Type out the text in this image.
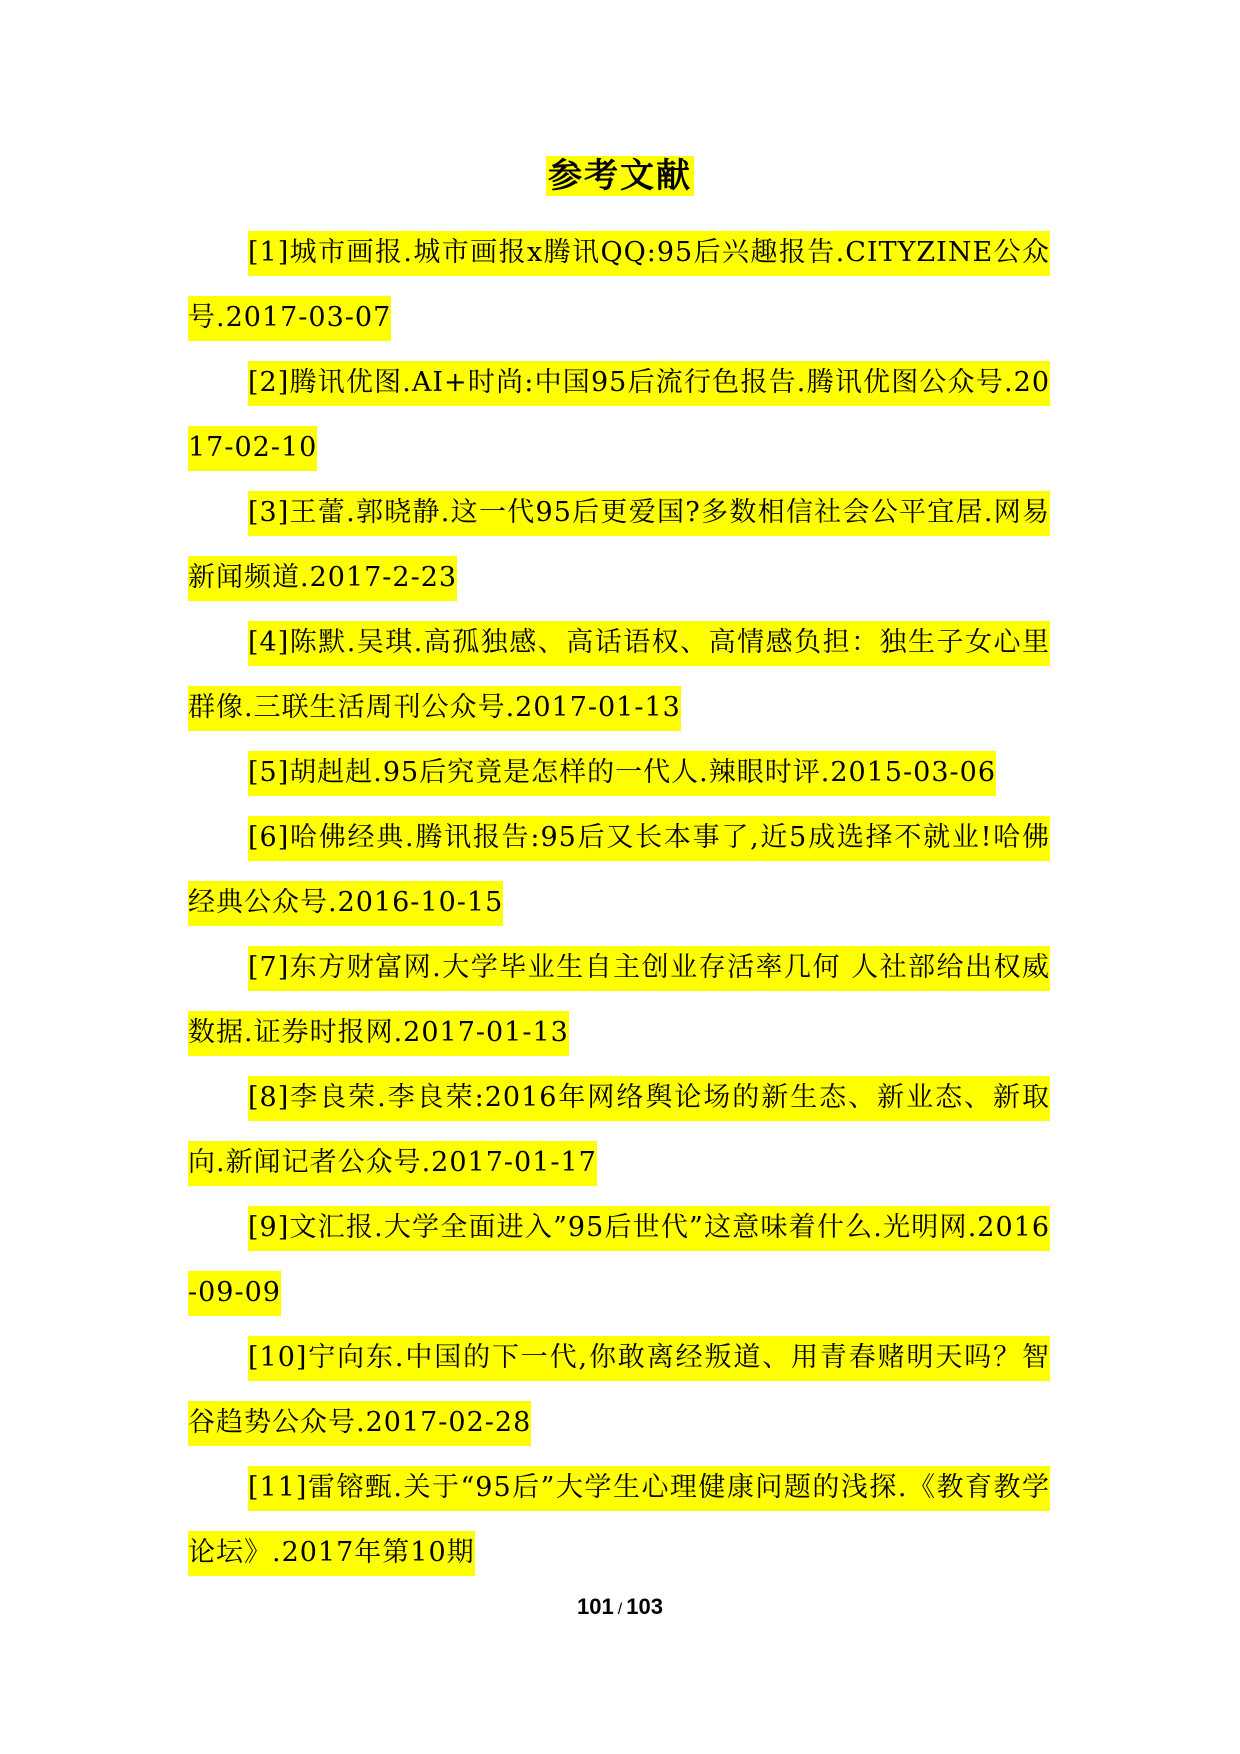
参考文献

[1]城市画报.城市画报x腾讯QQ:95后兴趣报告.CITYZINE公众号.2017-03-07

[2]腾讯优图.AI+时尚:中国95后流行色报告.腾讯优图公众号.2017-02-10

[3]王蕾.郭晓静.这一代95后更爱国?多数相信社会公平宜居.网易新闻频道.2017-2-23

[4]陈默.吴琪.高孤独感、高话语权、高情感负担：独生子女心里群像.三联生活周刊公众号.2017-01-13

[5]胡赳赳.95后究竟是怎样的一代人.辣眼时评.2015-03-06

[6]哈佛经典.腾讯报告:95后又长本事了,近5成选择不就业!哈佛经典公众号.2016-10-15

[7]东方财富网.大学毕业生自主创业存活率几何 人社部给出权威数据.证券时报网.2017-01-13

[8]李良荣.李良荣:2016年网络舆论场的新生态、新业态、新取向.新闻记者公众号.2017-01-17

[9]文汇报.大学全面进入”95后世代”这意味着什么.光明网.2016-09-09

[10]宁向东.中国的下一代,你敢离经叛道、用青春赌明天吗？智谷趋势公众号.2017-02-28

[11]雷镕甄.关于“95后”大学生心理健康问题的浅探.《教育教学论坛》.2017年第10期

101 / 103
